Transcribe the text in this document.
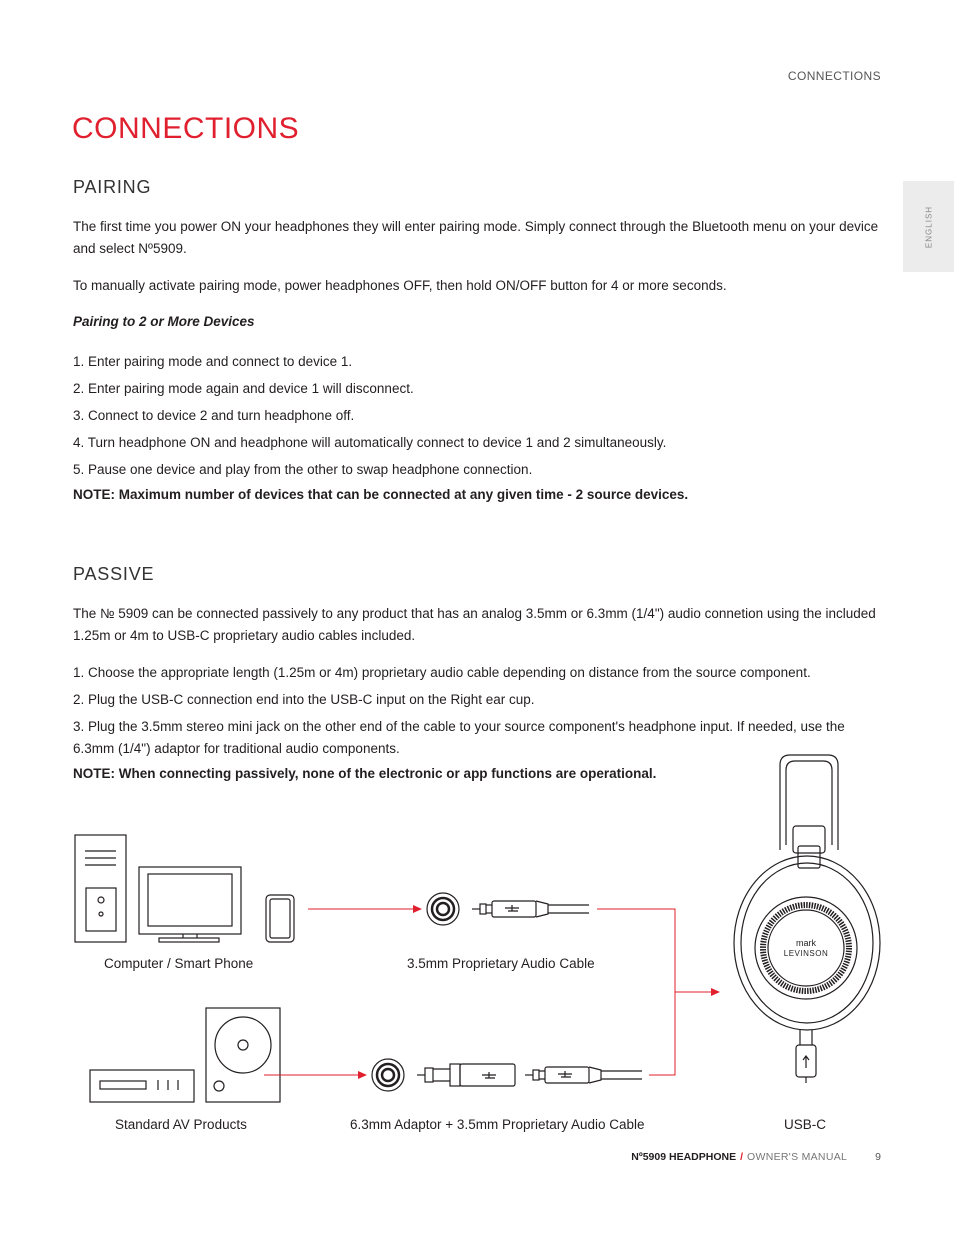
CONNECTIONS
ENGLISH
CONNECTIONS
PAIRING

The first time you power ON your headphones they will enter pairing mode. Simply connect through the Bluetooth menu on your device and select Nº5909.

To manually activate pairing mode, power headphones OFF, then hold ON/OFF button for 4 or more seconds.

Pairing to 2 or More Devices
1. Enter pairing mode and connect to device 1.
2. Enter pairing mode again and device 1 will disconnect.
3. Connect to device 2 and turn headphone off.
4. Turn headphone ON and headphone will automatically connect to device 1 and 2 simultaneously.
5. Pause one device and play from the other to swap headphone connection.
NOTE: Maximum number of devices that can be connected at any given time - 2 source devices.
PASSIVE

The № 5909 can be connected passively to any product that has an analog 3.5mm or 6.3mm (1/4") audio connetion using the included 1.25m or 4m to USB-C proprietary audio cables included.

1. Choose the appropriate length (1.25m or 4m) proprietary audio cable depending on distance from the source component.
2. Plug the USB-C connection end into the USB-C input on the Right ear cup.
3. Plug the 3.5mm stereo mini jack on the other end of the cable to your source component's headphone input. If needed, use the 6.3mm (1/4") adaptor for traditional audio components.
NOTE: When connecting passively, none of the electronic or app functions are operational.
mark
LEVINSON
Computer / Smart Phone	3.5mm Proprietary Audio Cable
Standard AV Products	6.3mm Adaptor + 3.5mm Proprietary Audio Cable	USB-C
Nº5909 HEADPHONE / OWNER'S MANUAL	9
